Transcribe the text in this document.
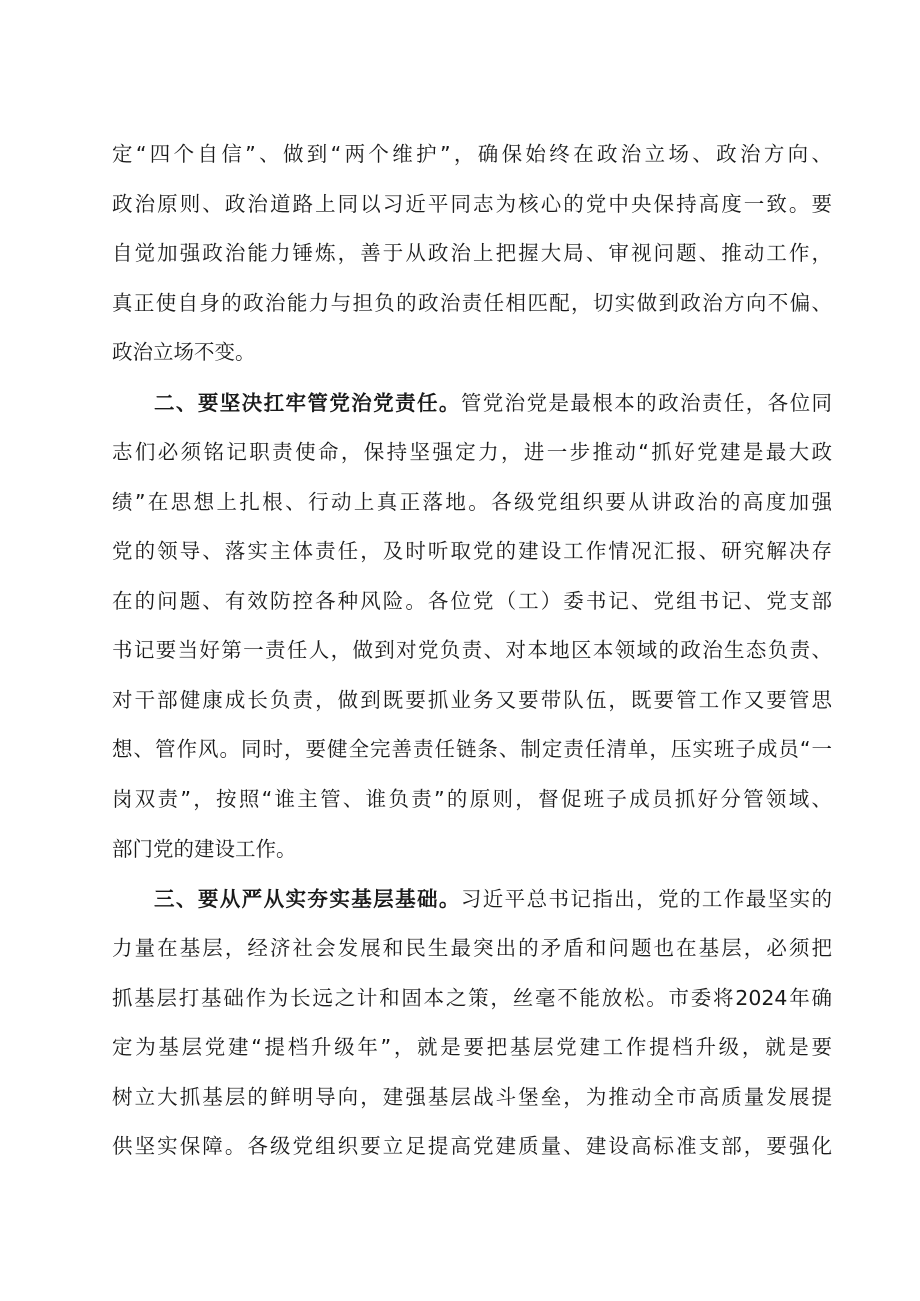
定“四个自信”、做到“两个维护”，确保始终在政治立场、政治方向、
政治原则、政治道路上同以习近平同志为核心的党中央保持高度一致。要
自觉加强政治能力锤炼，善于从政治上把握大局、审视问题、推动工作，
真正使自身的政治能力与担负的政治责任相匹配，切实做到政治方向不偏、
政治立场不变。
二、要坚决扛牢管党治党责任。管党治党是最根本的政治责任，各位同
志们必须铭记职责使命，保持坚强定力，进一步推动“抓好党建是最大政
绩”在思想上扎根、行动上真正落地。各级党组织要从讲政治的高度加强
党的领导、落实主体责任，及时听取党的建设工作情况汇报、研究解决存
在的问题、有效防控各种风险。各位党（工）委书记、党组书记、党支部
书记要当好第一责任人，做到对党负责、对本地区本领域的政治生态负责、
对干部健康成长负责，做到既要抓业务又要带队伍，既要管工作又要管思
想、管作风。同时，要健全完善责任链条、制定责任清单，压实班子成员“一
岗双责”，按照“谁主管、谁负责”的原则，督促班子成员抓好分管领域、
部门党的建设工作。
三、要从严从实夯实基层基础。习近平总书记指出，党的工作最坚实的
力量在基层，经济社会发展和民生最突出的矛盾和问题也在基层，必须把
抓基层打基础作为长远之计和固本之策，丝毫不能放松。市委将2024年确
定为基层党建“提档升级年”，就是要把基层党建工作提档升级，就是要
树立大抓基层的鲜明导向，建强基层战斗堡垒，为推动全市高质量发展提
供坚实保障。各级党组织要立足提高党建质量、建设高标准支部，要强化
